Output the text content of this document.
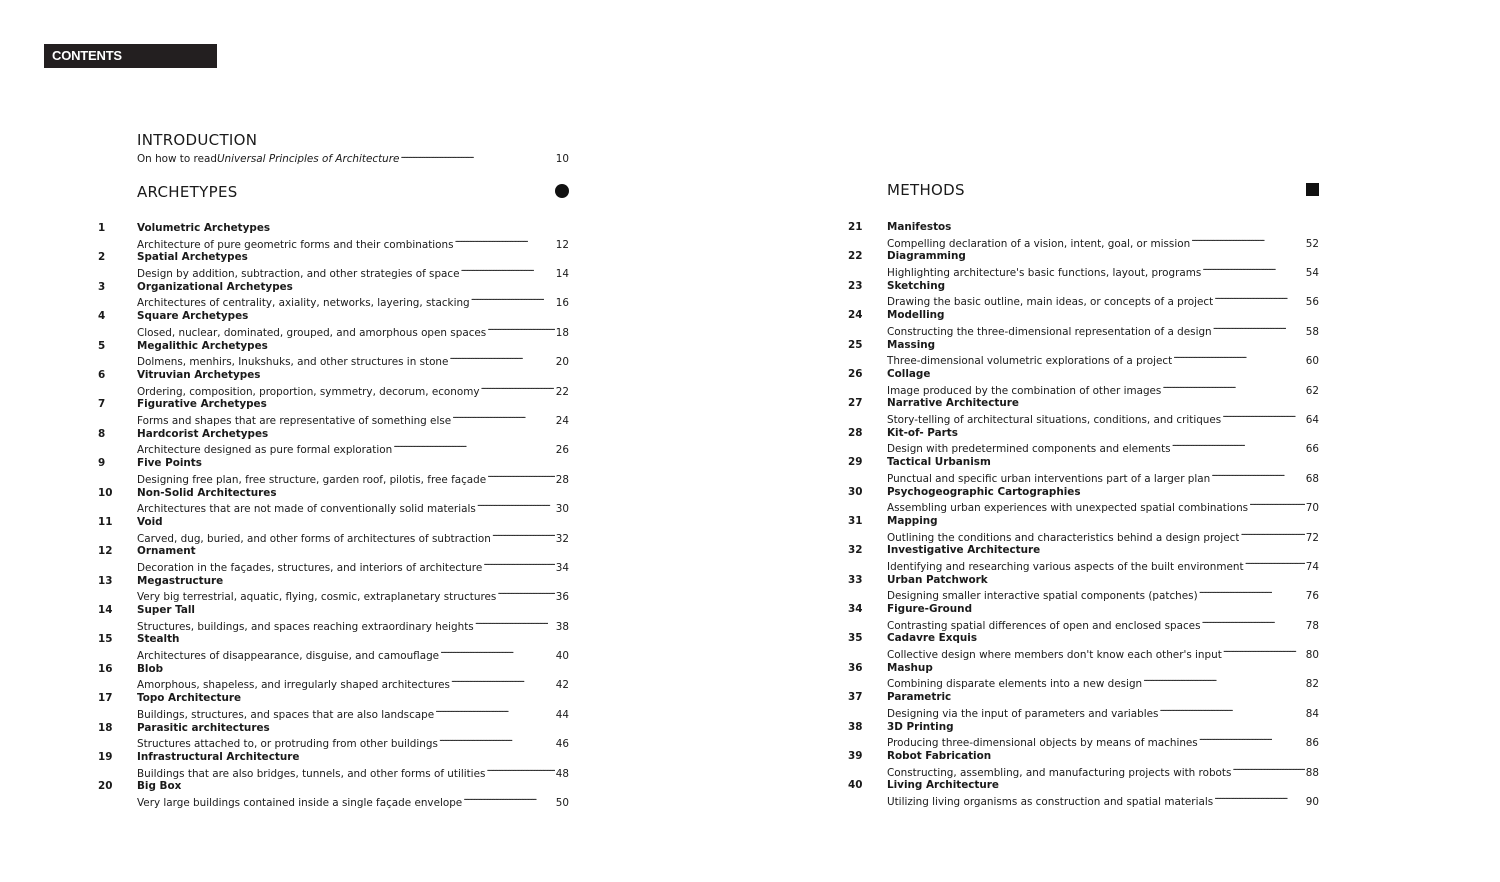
CONTENTS
INTRODUCTION
On how to read Universal Principles of Architecture . . .	10
ARCHETYPES	METHODS
1	Volumetric Archetypes
Architecture of pure geometric forms and their combinations . . .	12
2	Spatial Archetypes
Design by addition, subtraction, and other strategies of space . . .	14
3	Organizational Archetypes
Architectures of centrality, axiality, networks, layering, stacking . . .	16
4	Square Archetypes
Closed, nuclear, dominated, grouped, and amorphous open spaces . . .	18
5	Megalithic Archetypes
Dolmens, menhirs, Inukshuks, and other structures in stone . . .	20
6	Vitruvian Archetypes
Ordering, composition, proportion, symmetry, decorum, economy . . .	22
7	Figurative Archetypes
Forms and shapes that are representative of something else . . .	24
8	Hardcorist Archetypes
Architecture designed as pure formal exploration . . .	26
9	Five Points
Designing free plan, free structure, garden roof, pilotis, free façade . . .	28
10 Non-Solid Architectures
Architectures that are not made of conventionally solid materials . . .	30
11 Void
Carved, dug, buried, and other forms of architectures of subtraction . . .	32
12 Ornament
Decoration in the façades, structures, and interiors of architecture . . .	34
13 Megastructure
Very big terrestrial, aquatic, flying, cosmic, extraplanetary structures . . .	36
14 Super Tall
Structures, buildings, and spaces reaching extraordinary heights . . .	38
15 Stealth
Architectures of disappearance, disguise, and camouflage . . .	40
16 Blob
Amorphous, shapeless, and irregularly shaped architectures . . .	42
17 Topo Architecture
Buildings, structures, and spaces that are also landscape . . .	44
18 Parasitic architectures
Structures attached to, or protruding from other buildings . . .	46
19 Infrastructural Architecture
Buildings that are also bridges, tunnels, and other forms of utilities . . .	48
20 Big Box
Very large buildings contained inside a single façade envelope . . .	50
21 Manifestos
Compelling declaration of a vision, intent, goal, or mission . . .	52
22 Diagramming
Highlighting architecture's basic functions, layout, programs . . .	54
23 Sketching
Drawing the basic outline, main ideas, or concepts of a project . . .	56
24 Modelling
Constructing the three-dimensional representation of a design . . .	58
25 Massing
Three-dimensional volumetric explorations of a project . . .	60
26 Collage
Image produced by the combination of other images . . .	62
27 Narrative Architecture
Story-telling of architectural situations, conditions, and critiques . . .	64
28 Kit-of- Parts
Design with predetermined components and elements . . .	66
29 Tactical Urbanism
Punctual and specific urban interventions part of a larger plan . . .	68
30 Psychogeographic Cartographies
Assembling urban experiences with unexpected spatial combinations . . .	70
31 Mapping
Outlining the conditions and characteristics behind a design project . . .	72
32 Investigative Architecture
Identifying and researching various aspects of the built environment . . .	74
33 Urban Patchwork
Designing smaller interactive spatial components (patches) . . .	76
34 Figure-Ground
Contrasting spatial differences of open and enclosed spaces . . .	78
35 Cadavre Exquis
Collective design where members don't know each other's input . . .	80
36 Mashup
Combining disparate elements into a new design . . .	82
37 Parametric
Designing via the input of parameters and variables . . .	84
38 3D Printing
Producing three-dimensional objects by means of machines . . .	86
39 Robot Fabrication
Constructing, assembling, and manufacturing projects with robots . . .	88
40 Living Architecture
Utilizing living organisms as construction and spatial materials . . .	90
